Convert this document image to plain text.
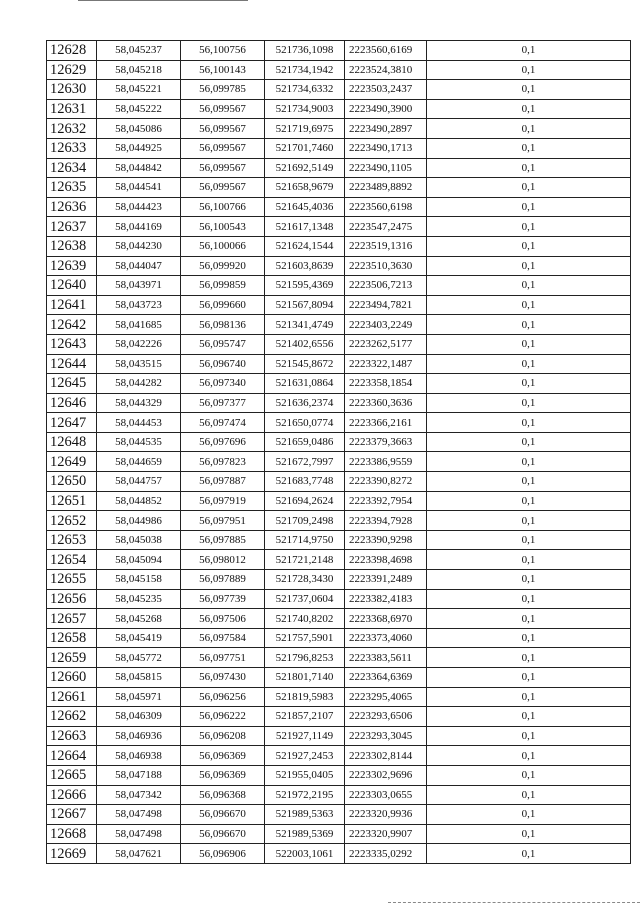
12628	58,045237	56,100756	521736,1098	2223560,6169	0,1
12629	58,045218	56,100143	521734,1942	2223524,3810	0,1
12630	58,045221	56,099785	521734,6332	2223503,2437	0,1
12631	58,045222	56,099567	521734,9003	2223490,3900	0,1
12632	58,045086	56,099567	521719,6975	2223490,2897	0,1
12633	58,044925	56,099567	521701,7460	2223490,1713	0,1
12634	58,044842	56,099567	521692,5149	2223490,1105	0,1
12635	58,044541	56,099567	521658,9679	2223489,8892	0,1
12636	58,044423	56,100766	521645,4036	2223560,6198	0,1
12637	58,044169	56,100543	521617,1348	2223547,2475	0,1
12638	58,044230	56,100066	521624,1544	2223519,1316	0,1
12639	58,044047	56,099920	521603,8639	2223510,3630	0,1
12640	58,043971	56,099859	521595,4369	2223506,7213	0,1
12641	58,043723	56,099660	521567,8094	2223494,7821	0,1
12642	58,041685	56,098136	521341,4749	2223403,2249	0,1
12643	58,042226	56,095747	521402,6556	2223262,5177	0,1
12644	58,043515	56,096740	521545,8672	2223322,1487	0,1
12645	58,044282	56,097340	521631,0864	2223358,1854	0,1
12646	58,044329	56,097377	521636,2374	2223360,3636	0,1
12647	58,044453	56,097474	521650,0774	2223366,2161	0,1
12648	58,044535	56,097696	521659,0486	2223379,3663	0,1
12649	58,044659	56,097823	521672,7997	2223386,9559	0,1
12650	58,044757	56,097887	521683,7748	2223390,8272	0,1
12651	58,044852	56,097919	521694,2624	2223392,7954	0,1
12652	58,044986	56,097951	521709,2498	2223394,7928	0,1
12653	58,045038	56,097885	521714,9750	2223390,9298	0,1
12654	58,045094	56,098012	521721,2148	2223398,4698	0,1
12655	58,045158	56,097889	521728,3430	2223391,2489	0,1
12656	58,045235	56,097739	521737,0604	2223382,4183	0,1
12657	58,045268	56,097506	521740,8202	2223368,6970	0,1
12658	58,045419	56,097584	521757,5901	2223373,4060	0,1
12659	58,045772	56,097751	521796,8253	2223383,5611	0,1
12660	58,045815	56,097430	521801,7140	2223364,6369	0,1
12661	58,045971	56,096256	521819,5983	2223295,4065	0,1
12662	58,046309	56,096222	521857,2107	2223293,6506	0,1
12663	58,046936	56,096208	521927,1149	2223293,3045	0,1
12664	58,046938	56,096369	521927,2453	2223302,8144	0,1
12665	58,047188	56,096369	521955,0405	2223302,9696	0,1
12666	58,047342	56,096368	521972,2195	2223303,0655	0,1
12667	58,047498	56,096670	521989,5363	2223320,9936	0,1
12668	58,047498	56,096670	521989,5369	2223320,9907	0,1
12669	58,047621	56,096906	522003,1061	2223335,0292	0,1
